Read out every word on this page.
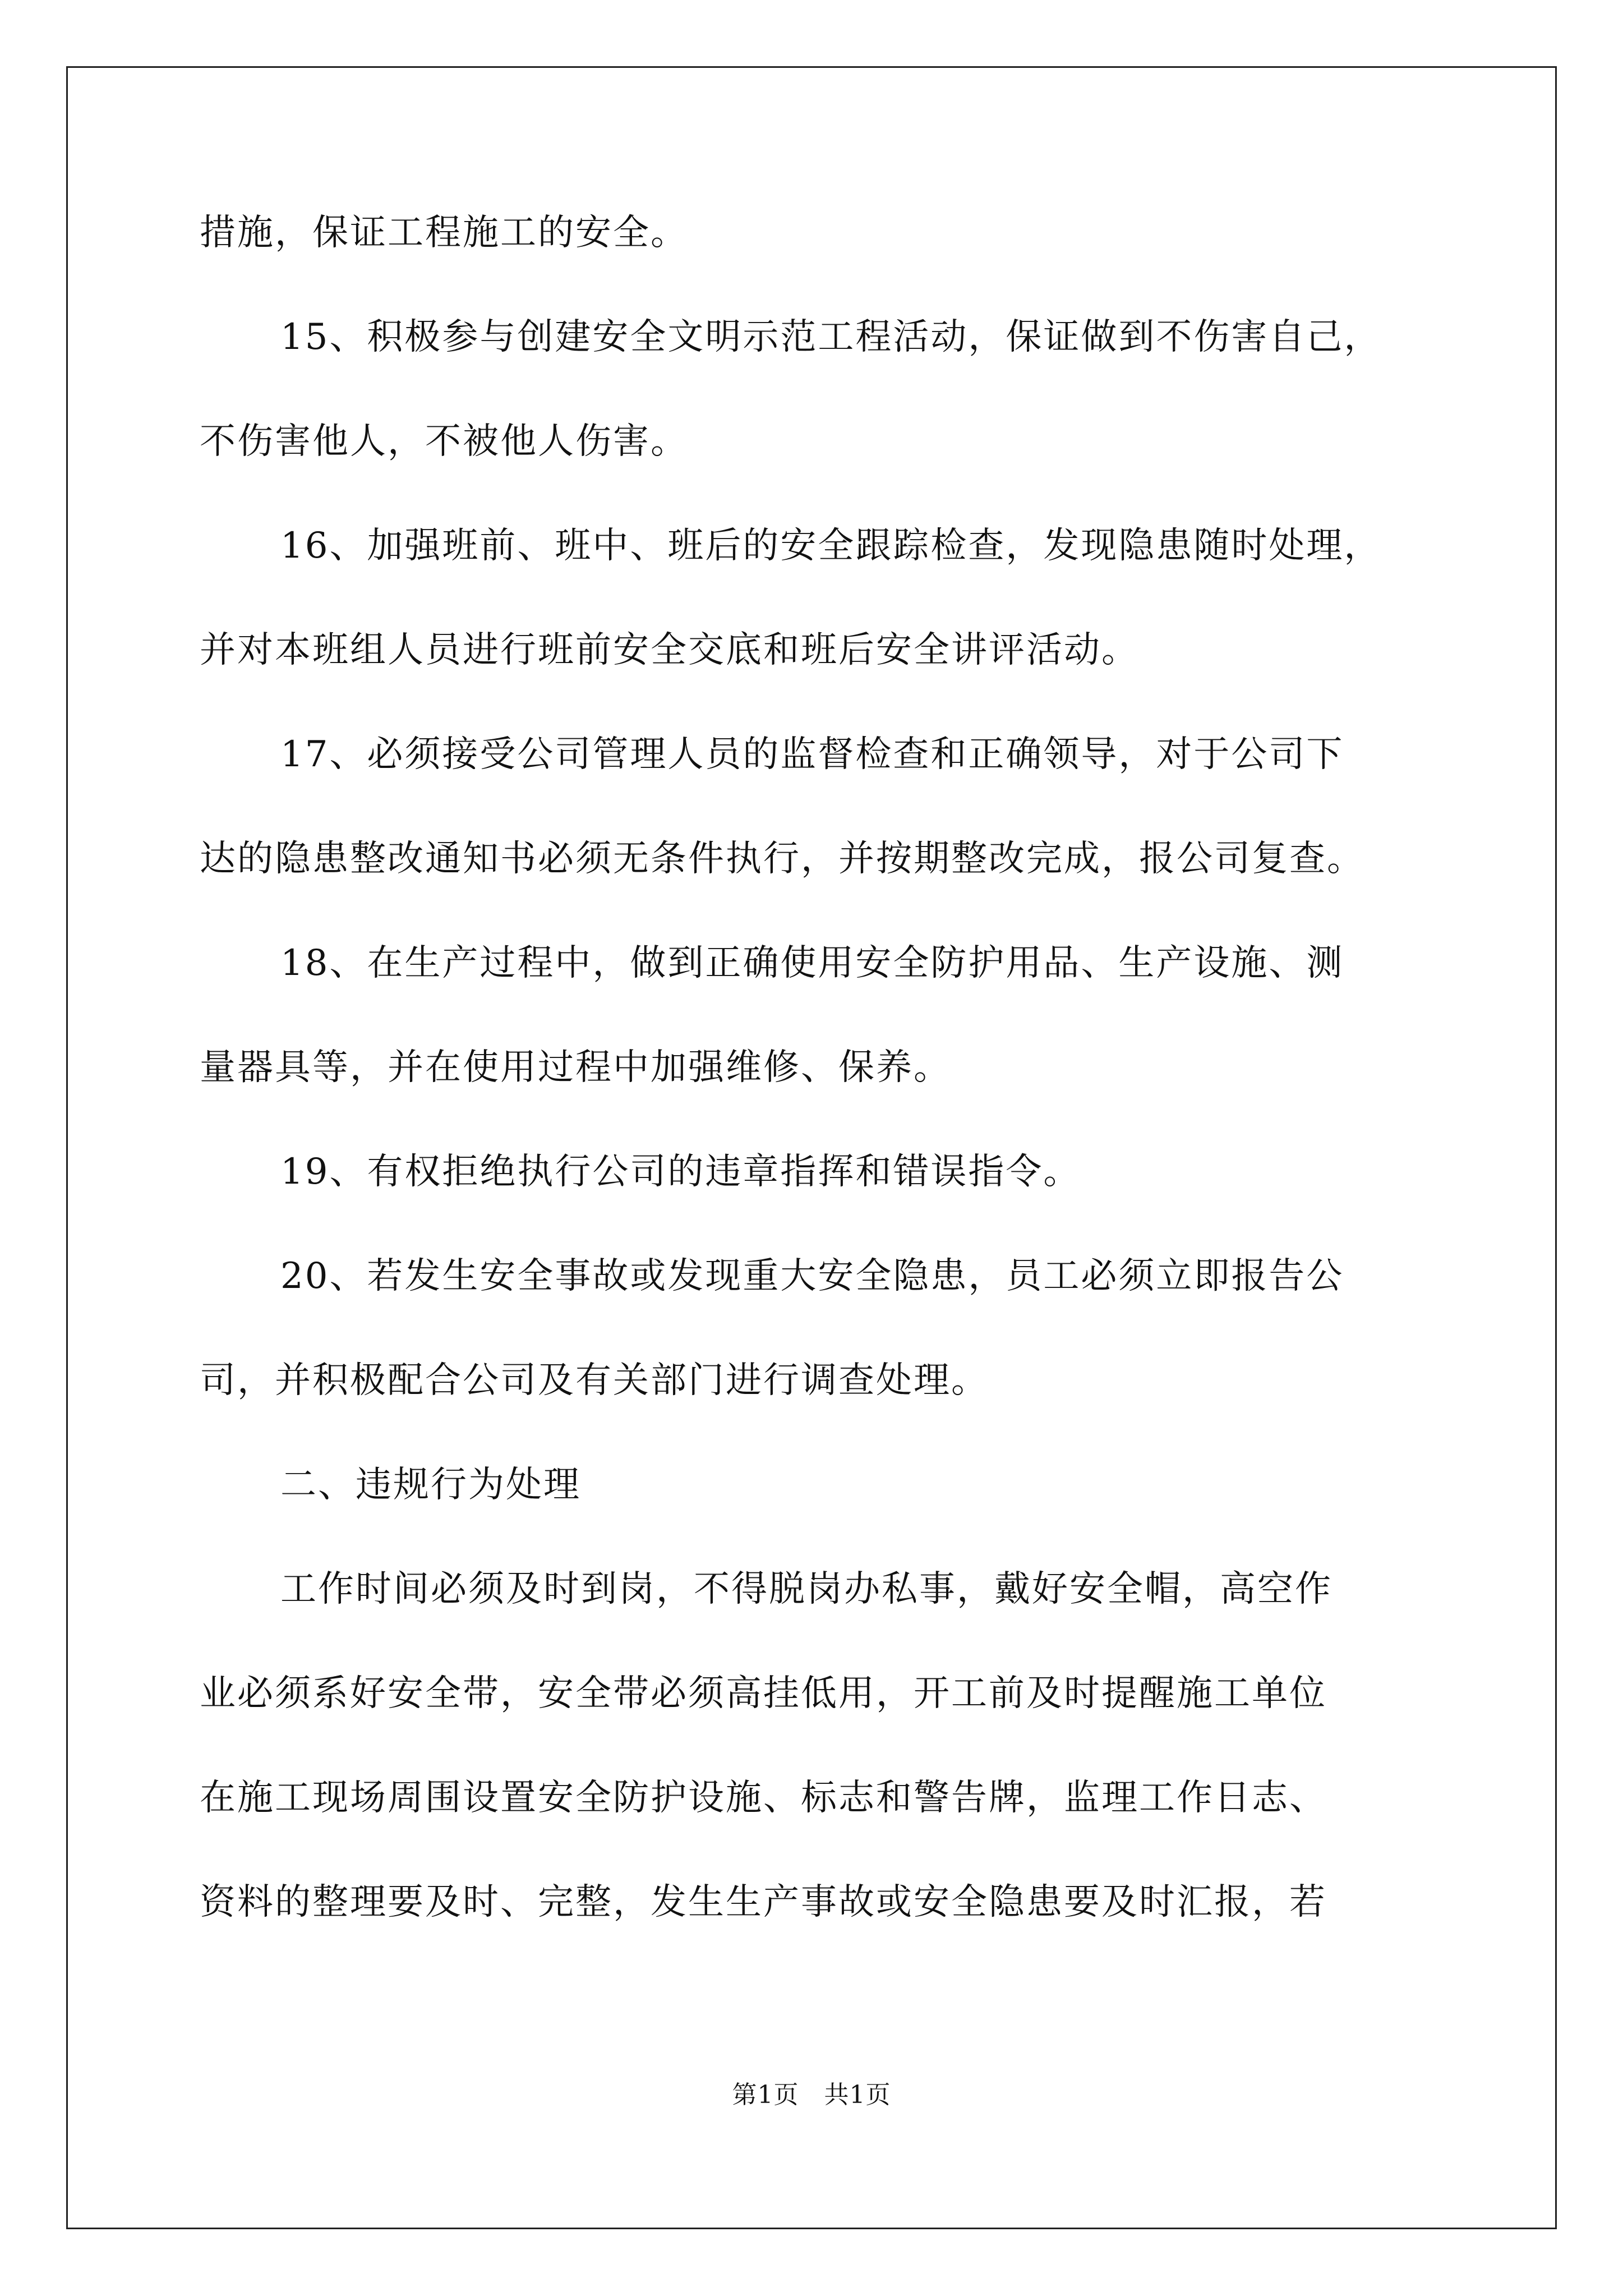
措施，保证工程施工的安全。
15、积极参与创建安全文明示范工程活动，保证做到不伤害自己，
不伤害他人，不被他人伤害。
16、加强班前、班中、班后的安全跟踪检查，发现隐患随时处理，
并对本班组人员进行班前安全交底和班后安全讲评活动。
17、必须接受公司管理人员的监督检查和正确领导，对于公司下
达的隐患整改通知书必须无条件执行，并按期整改完成，报公司复查。
18、在生产过程中，做到正确使用安全防护用品、生产设施、测
量器具等，并在使用过程中加强维修、保养。
19、有权拒绝执行公司的违章指挥和错误指令。
20、若发生安全事故或发现重大安全隐患，员工必须立即报告公
司，并积极配合公司及有关部门进行调查处理。
二、违规行为处理
工作时间必须及时到岗，不得脱岗办私事，戴好安全帽，高空作
业必须系好安全带，安全带必须高挂低用，开工前及时提醒施工单位
在施工现场周围设置安全防护设施、标志和警告牌，监理工作日志、
资料的整理要及时、完整，发生生产事故或安全隐患要及时汇报，若
第1页　共1页
